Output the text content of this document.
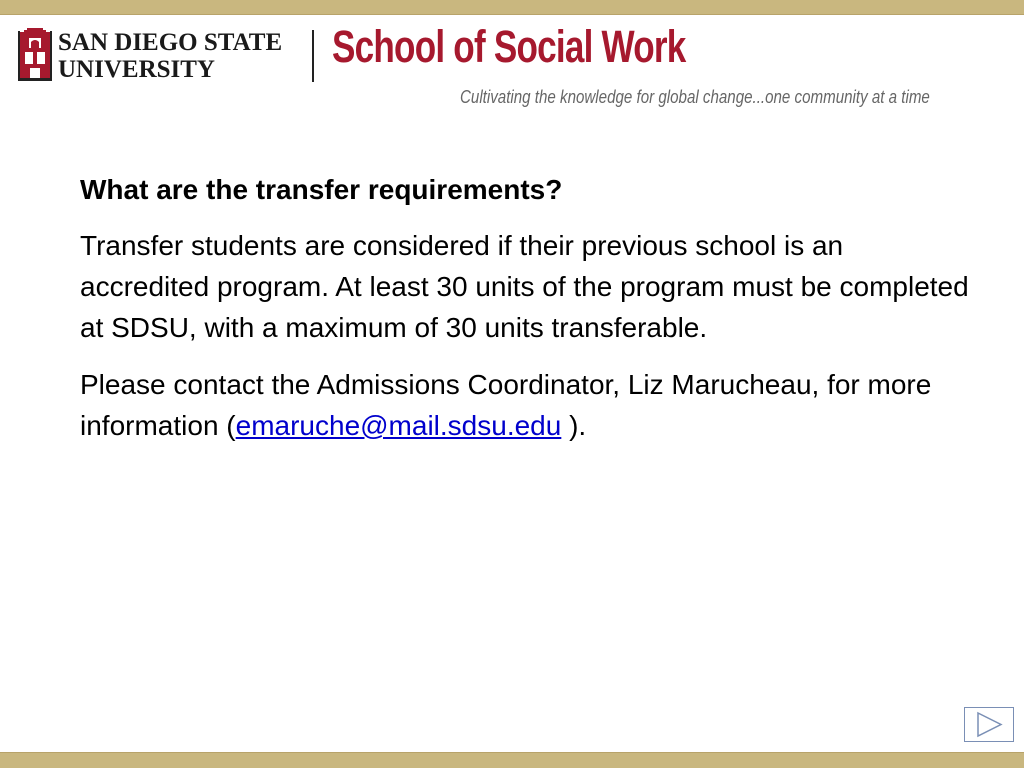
SAN DIEGO STATE
UNIVERSITY	School of Social Work
Cultivating the knowledge for global change...one community at a time
What are the transfer requirements?

Transfer students are considered if their previous school is an accredited program. At least 30 units of the program must be completed at SDSU, with a maximum of 30 units transferable.

Please contact the Admissions Coordinator, Liz Marucheau, for more information (emaruche@mail.sdsu.edu ).
